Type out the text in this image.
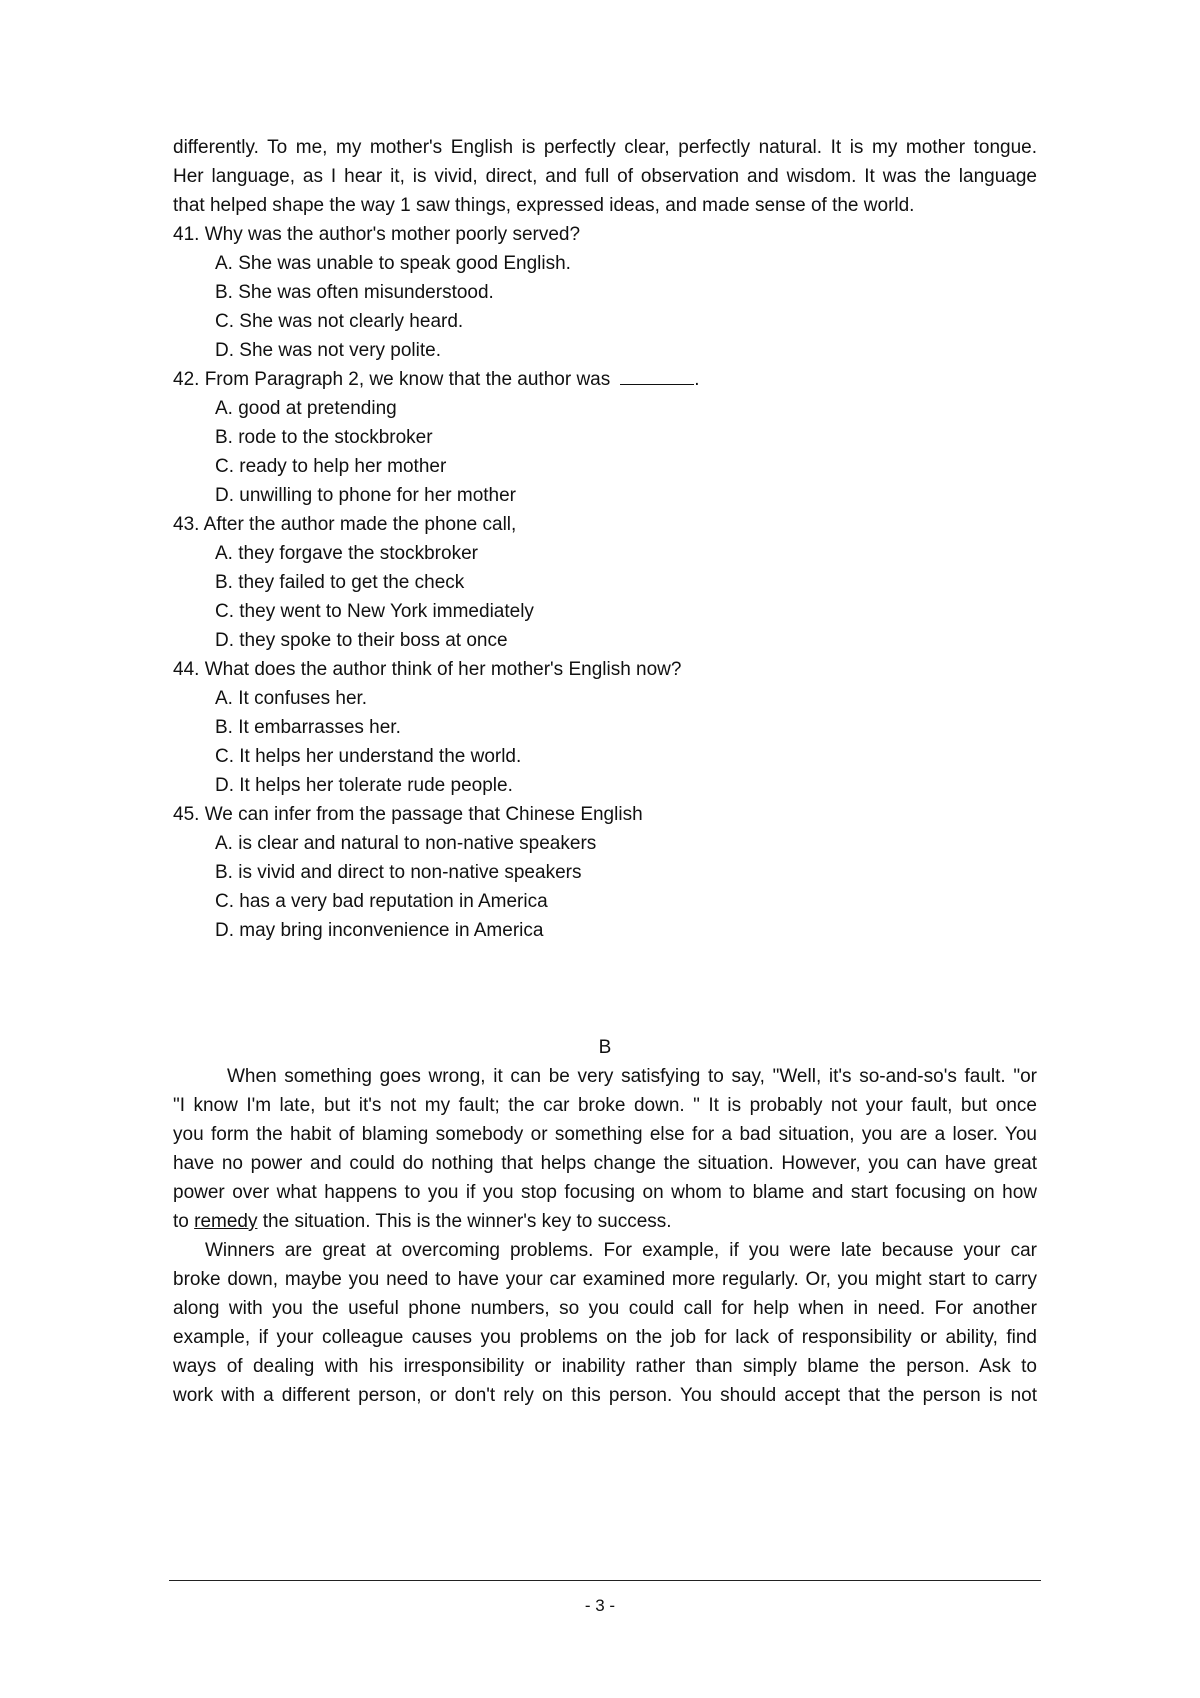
differently. To me, my mother's English is perfectly clear, perfectly natural. It is my mother tongue.
Her language, as I hear it, is vivid, direct, and full of observation and wisdom. It was the language
that helped shape the way 1 saw things, expressed ideas, and made sense of the world.
41. Why was the author's mother poorly served?
A. She was unable to speak good English.
B. She was often misunderstood.
C. She was not clearly heard.
D. She was not very polite.
42. From Paragraph 2, we know that the author was	.
A. good at pretending
B. rode to the stockbroker
C. ready to help her mother
D. unwilling to phone for her mother
43. After the author made the phone call,
A. they forgave the stockbroker
B. they failed to get the check
C. they went to New York immediately
D. they spoke to their boss at once
44. What does the author think of her mother's English now?
A. It confuses her.
B. It embarrasses her.
C. It helps her understand the world.
D. It helps her tolerate rude people.
45. We can infer from the passage that Chinese English
A. is clear and natural to non-native speakers
B. is vivid and direct to non-native speakers
C. has a very bad reputation in America
D. may bring inconvenience in America
B
When something goes wrong, it can be very satisfying to say, "Well, it's so-and-so's fault. "or
"I know I'm late, but it's not my fault; the car broke down. " It is probably not your fault, but once
you form the habit of blaming somebody or something else for a bad situation, you are a loser. You
have no power and could do nothing that helps change the situation. However, you can have great
power over what happens to you if you stop focusing on whom to blame and start focusing on how
to remedy the situation. This is the winner's key to success.
Winners are great at overcoming problems. For example, if you were late because your car
broke down, maybe you need to have your car examined more regularly. Or, you might start to carry
along with you the useful phone numbers, so you could call for help when in need. For another
example, if your colleague causes you problems on the job for lack of responsibility or ability, find
ways of dealing with his irresponsibility or inability rather than simply blame the person. Ask to
work with a different person, or don't rely on this person. You should accept that the person is not
- 3 -
